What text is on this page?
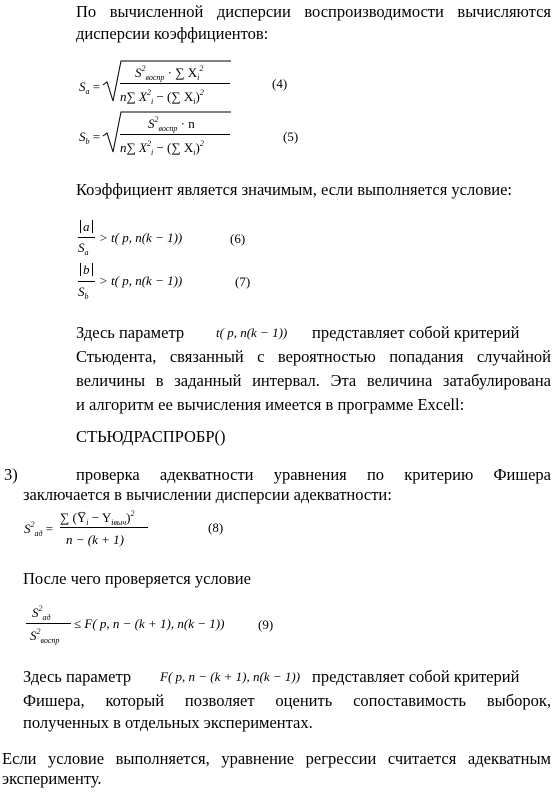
По вычисленной дисперсии воспроизводимости вычисляются
дисперсии коэффициентов:
$S_a$ =
$S^2_{воспр}$ · ∑ $X_i^2$
n∑ $X^2_i$ − (∑ $X_i)^2$
(4)
$S_b$ =
$S^2_{воспр} \cdot n$
n∑ $X^2_i$ − (∑ $X_i)^2$	(5)
Коэффициент является значимым, если выполняется условие:
a
$S_a$
> t( p, n(k − 1))	(6)
b
$S_b$
> t( p, n(k − 1))	(7)
Здесь параметр t( p, n(k − 1)) представляет собой критерий
Стьюдента, связанный с вероятностью попадания случайной
величины в заданный интервал. Эта величина затабулирована
и алгоритм ее вычисления имеется в программе Excell:
СТЬЮДРАСПРОБР()
3)	проверка адекватности уравнения по критерию Фишера
заключается в вычислении дисперсии адекватности:
$S^2_{ад}$ =
∑ $(Y̅_i - Y_{iвыч})^2$
n − (k + 1)
(8)
После чего проверяется условие
$S^2_{ад}$
$S^2_{воспр}$
≤ F( p, n − (k + 1), n(k − 1))	(9)
Здесь параметр F( p, n − (k + 1), n(k − 1)) представляет собой критерий
Фишера, который позволяет оценить сопоставимость выборок,
полученных в отдельных экспериментах.
Если условие выполняется, уравнение регрессии считается адекватным
эксперименту.
